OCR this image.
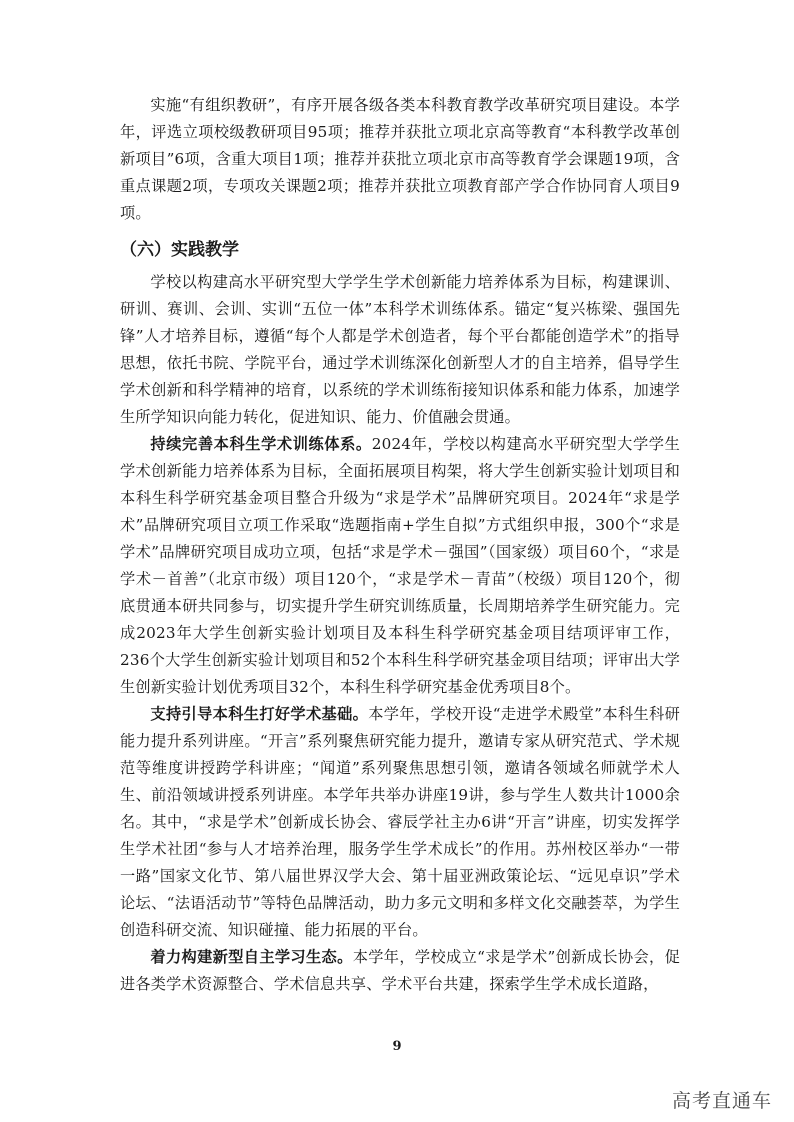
实施“有组织教研”，有序开展各级各类本科教育教学改革研究项目建设。本学年，评选立项校级教研项目95项；推荐并获批立项北京高等教育“本科教学改革创新项目”6项，含重大项目1项；推荐并获批立项北京市高等教育学会课题19项，含重点课题2项，专项攻关课题2项；推荐并获批立项教育部产学合作协同育人项目9项。

（六）实践教学

学校以构建高水平研究型大学学生学术创新能力培养体系为目标，构建课训、研训、赛训、会训、实训“五位一体”本科学术训练体系。锚定“复兴栋梁、强国先锋”人才培养目标，遵循“每个人都是学术创造者，每个平台都能创造学术”的指导思想，依托书院、学院平台，通过学术训练深化创新型人才的自主培养，倡导学生学术创新和科学精神的培育，以系统的学术训练衔接知识体系和能力体系，加速学生所学知识向能力转化，促进知识、能力、价值融会贯通。

持续完善本科生学术训练体系。2024年，学校以构建高水平研究型大学学生学术创新能力培养体系为目标，全面拓展项目构架，将大学生创新实验计划项目和本科生科学研究基金项目整合升级为“求是学术”品牌研究项目。2024年“求是学术”品牌研究项目立项工作采取“选题指南+学生自拟”方式组织申报，300个“求是学术”品牌研究项目成功立项，包括“求是学术－强国”（国家级）项目60个，“求是学术－首善”（北京市级）项目120个，“求是学术－青苗”（校级）项目120个，彻底贯通本研共同参与，切实提升学生研究训练质量，长周期培养学生研究能力。完成2023年大学生创新实验计划项目及本科生科学研究基金项目结项评审工作，236个大学生创新实验计划项目和52个本科生科学研究基金项目结项；评审出大学生创新实验计划优秀项目32个，本科生科学研究基金优秀项目8个。

支持引导本科生打好学术基础。本学年，学校开设“走进学术殿堂”本科生科研能力提升系列讲座。“开言”系列聚焦研究能力提升，邀请专家从研究范式、学术规范等维度讲授跨学科讲座；“闻道”系列聚焦思想引领，邀请各领域名师就学术人生、前沿领域讲授系列讲座。本学年共举办讲座19讲，参与学生人数共计1000余名。其中，“求是学术”创新成长协会、睿辰学社主办6讲“开言”讲座，切实发挥学生学术社团“参与人才培养治理，服务学生学术成长”的作用。苏州校区举办“一带一路”国家文化节、第八届世界汉学大会、第十届亚洲政策论坛、“远见卓识”学术论坛、“法语活动节”等特色品牌活动，助力多元文明和多样文化交融荟萃，为学生创造科研交流、知识碰撞、能力拓展的平台。

着力构建新型自主学习生态。本学年，学校成立“求是学术”创新成长协会，促进各类学术资源整合、学术信息共享、学术平台共建，探索学生学术成长道路，

9
高考直通车
